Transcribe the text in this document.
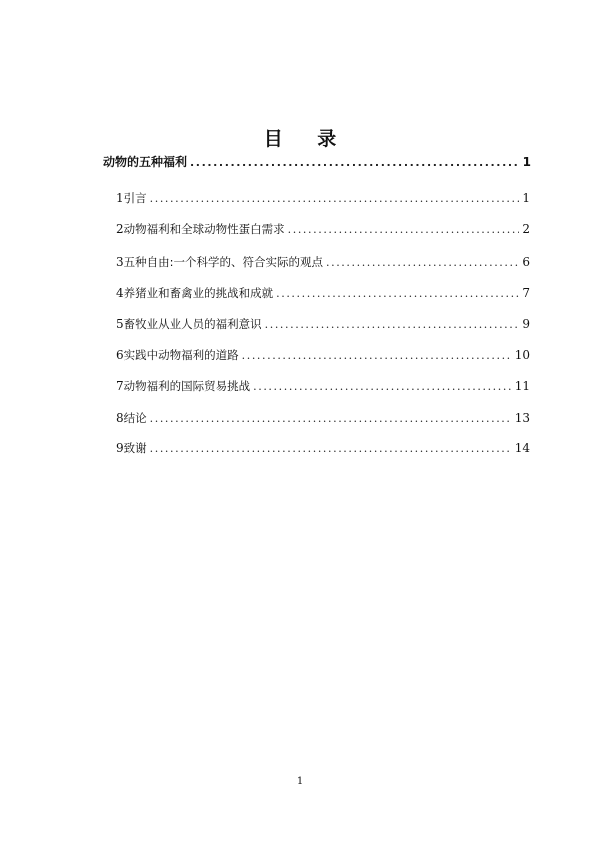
目 录
动物的五种福利 .....	1
1 引言 .....	1
2 动物福利和全球动物性蛋白需求 .....	2
3 五种自由:一个科学的、符合实际的观点 .....	6
4 养猪业和畜禽业的挑战和成就 .....	7
5 畜牧业从业人员的福利意识 .....	9
6 实践中动物福利的道路 .....	10
7 动物福利的国际贸易挑战 .....	11
8 结论 .....	13
9 致谢 .....	14
1
